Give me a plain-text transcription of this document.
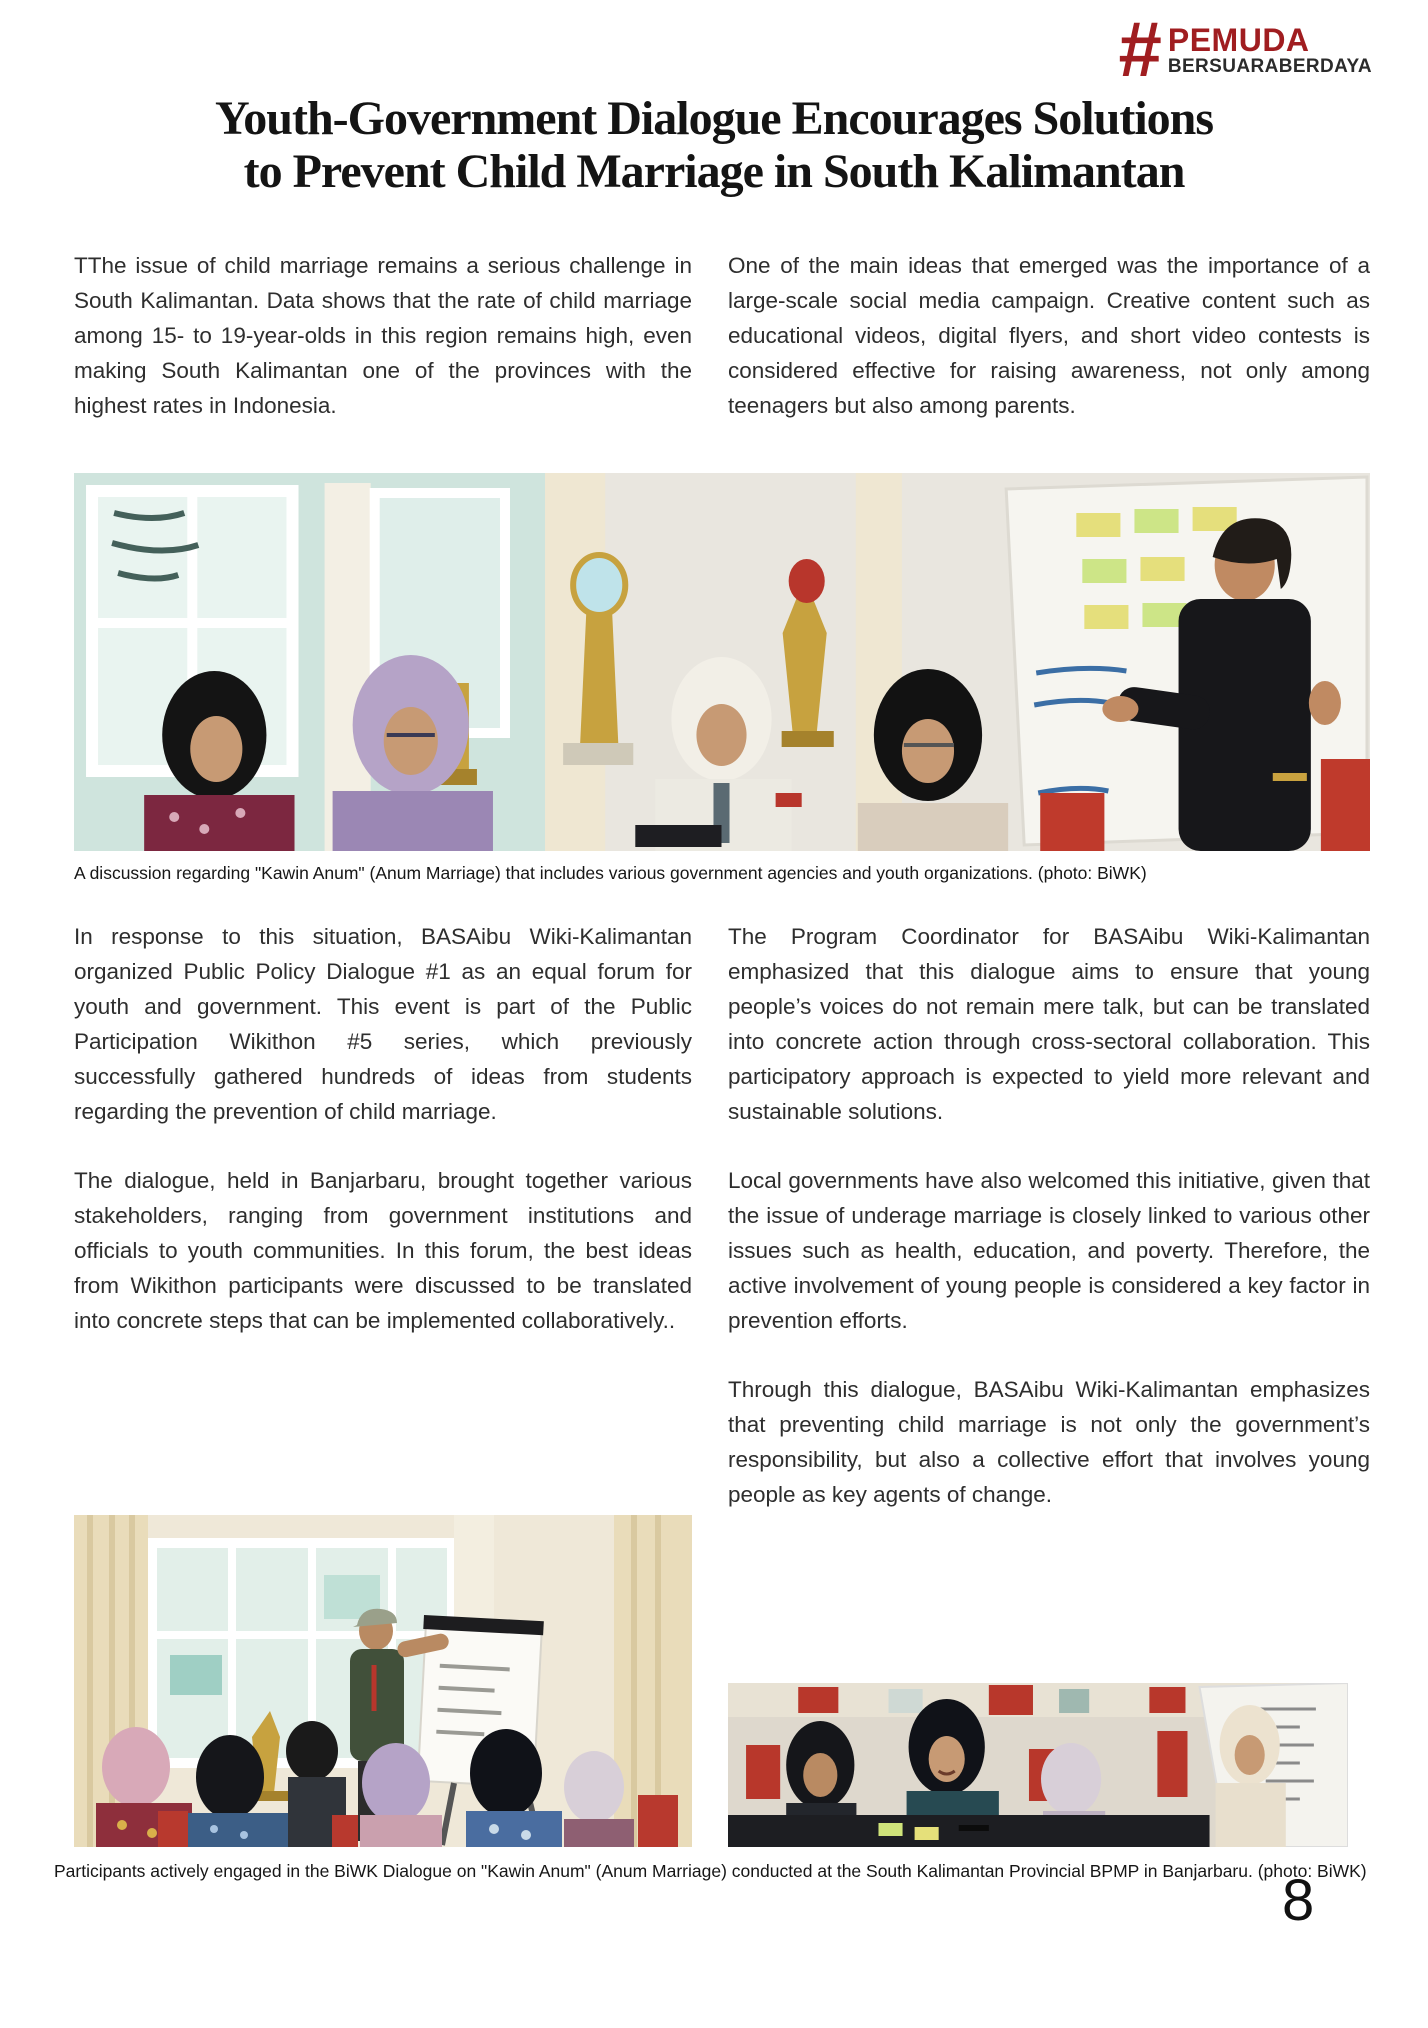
# PEMUDA
BERSUARABERDAYA
Youth-Government Dialogue Encourages Solutions
to Prevent Child Marriage in South Kalimantan

TThe issue of child marriage remains a serious challenge in South Kalimantan. Data shows that the rate of child marriage among 15- to 19-year-olds in this region remains high, even making South Kalimantan one of the provinces with the highest rates in Indonesia.

One of the main ideas that emerged was the importance of a large-scale social media campaign. Creative content such as educational videos, digital flyers, and short video contests is considered effective for raising awareness, not only among teenagers but also among parents.

A discussion regarding "Kawin Anum" (Anum Marriage) that includes various government agencies and youth organizations. (photo: BiWK)

In response to this situation, BASAibu Wiki-Kalimantan organized Public Policy Dialogue #1 as an equal forum for youth and government. This event is part of the Public Participation Wikithon #5 series, which previously successfully gathered hundreds of ideas from students regarding the prevention of child marriage.

The dialogue, held in Banjarbaru, brought together various stakeholders, ranging from government institutions and officials to youth communities. In this forum, the best ideas from Wikithon participants were discussed to be translated into concrete steps that can be implemented collaboratively..

The Program Coordinator for BASAibu Wiki-Kalimantan emphasized that this dialogue aims to ensure that young people’s voices do not remain mere talk, but can be translated into concrete action through cross-sectoral collaboration. This participatory approach is expected to yield more relevant and sustainable solutions.

Local governments have also welcomed this initiative, given that the issue of underage marriage is closely linked to various other issues such as health, education, and poverty. Therefore, the active involvement of young people is considered a key factor in prevention efforts.

Through this dialogue, BASAibu Wiki-Kalimantan emphasizes that preventing child marriage is not only the government’s responsibility, but also a collective effort that involves young people as key agents of change.

Participants actively engaged in the BiWK Dialogue on "Kawin Anum" (Anum Marriage) conducted at the South Kalimantan Provincial BPMP in Banjarbaru. (photo: BiWK)
8
